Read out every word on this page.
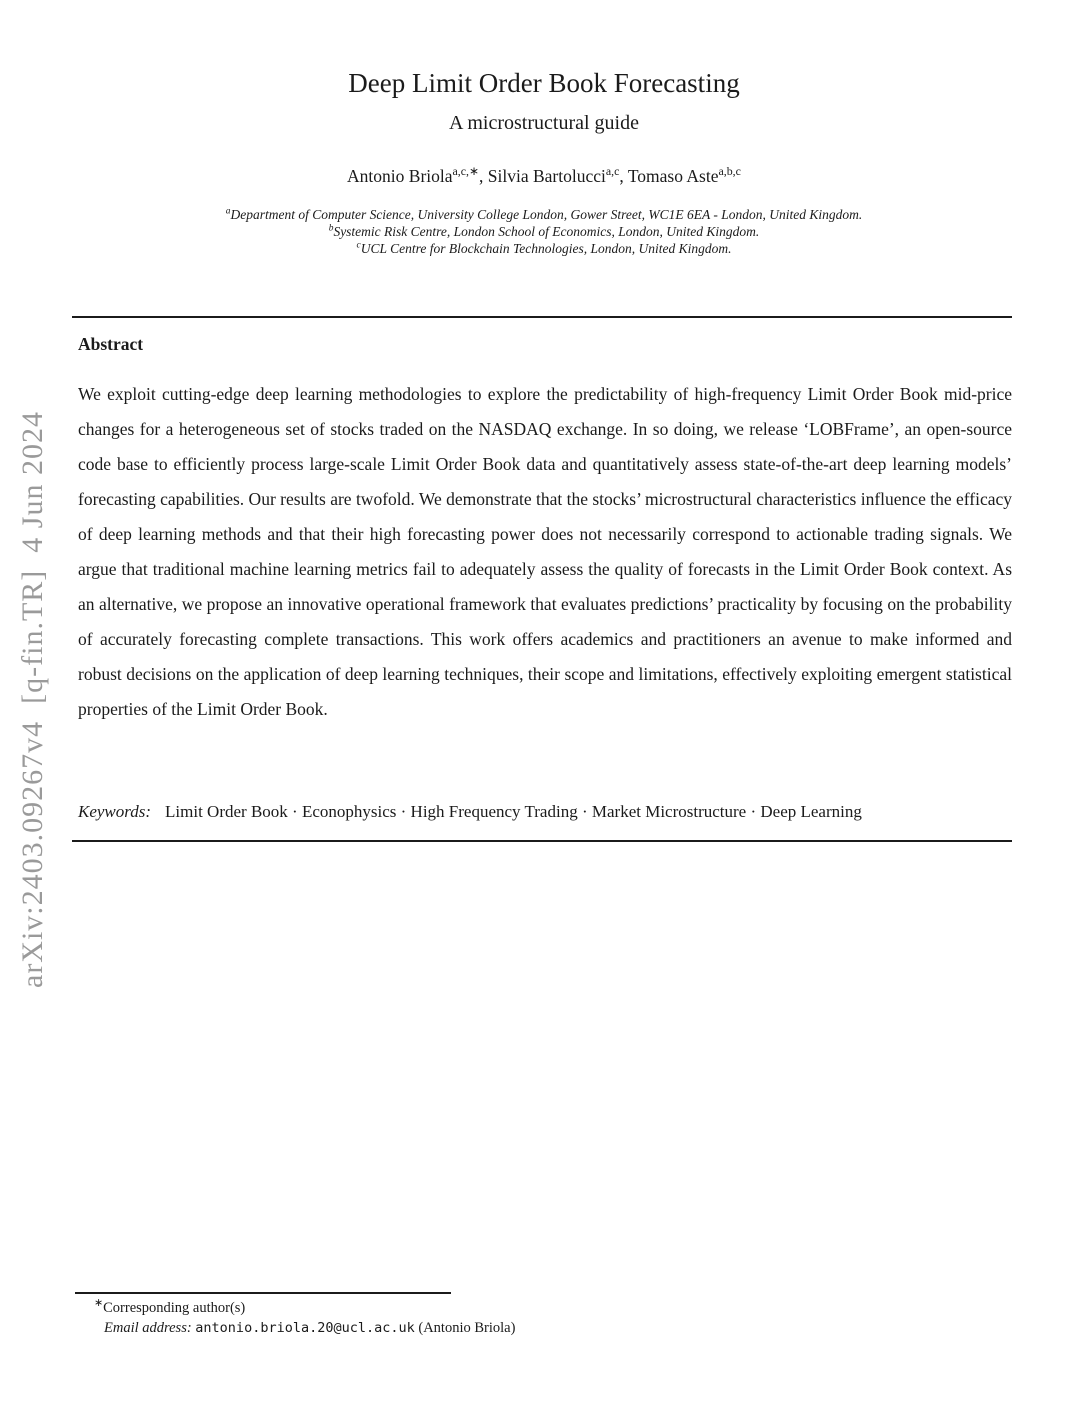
arXiv:2403.09267v4  [q-fin.TR]  4 Jun 2024
Deep Limit Order Book Forecasting
A microstructural guide
Antonio Briola$^{a,c,∗}$, Silvia Bartolucci$^{a,c}$, Tomaso Aste$^{a,b,c}$
$^a$Department of Computer Science, University College London, Gower Street, WC1E 6EA - London, United Kingdom.
$^b$Systemic Risk Centre, London School of Economics, London, United Kingdom.
$^c$UCL Centre for Blockchain Technologies, London, United Kingdom.
Abstract
We exploit cutting-edge deep learning methodologies to explore the predictability of high-frequency Limit Order Book mid-price changes for a heterogeneous set of stocks traded on the NASDAQ exchange. In so doing, we release ‘LOBFrame’, an open-source code base to efficiently process large-scale Limit Order Book data and quantitatively assess state-of-the-art deep learning models’ forecasting capabilities. Our results are twofold. We demonstrate that the stocks’ microstructural characteristics influence the efficacy of deep learning methods and that their high forecasting power does not necessarily correspond to actionable trading signals. We argue that traditional machine learning metrics fail to adequately assess the quality of forecasts in the Limit Order Book context. As an alternative, we propose an innovative operational framework that evaluates predictions’ practicality by focusing on the probability of accurately forecasting complete transactions. This work offers academics and practitioners an avenue to make informed and robust decisions on the application of deep learning techniques, their scope and limitations, effectively exploiting emergent statistical properties of the Limit Order Book.
Keywords: Limit Order Book · Econophysics · High Frequency Trading · Market Microstructure · Deep Learning
∗Corresponding author(s)
Email address: antonio.briola.20@ucl.ac.uk (Antonio Briola)
